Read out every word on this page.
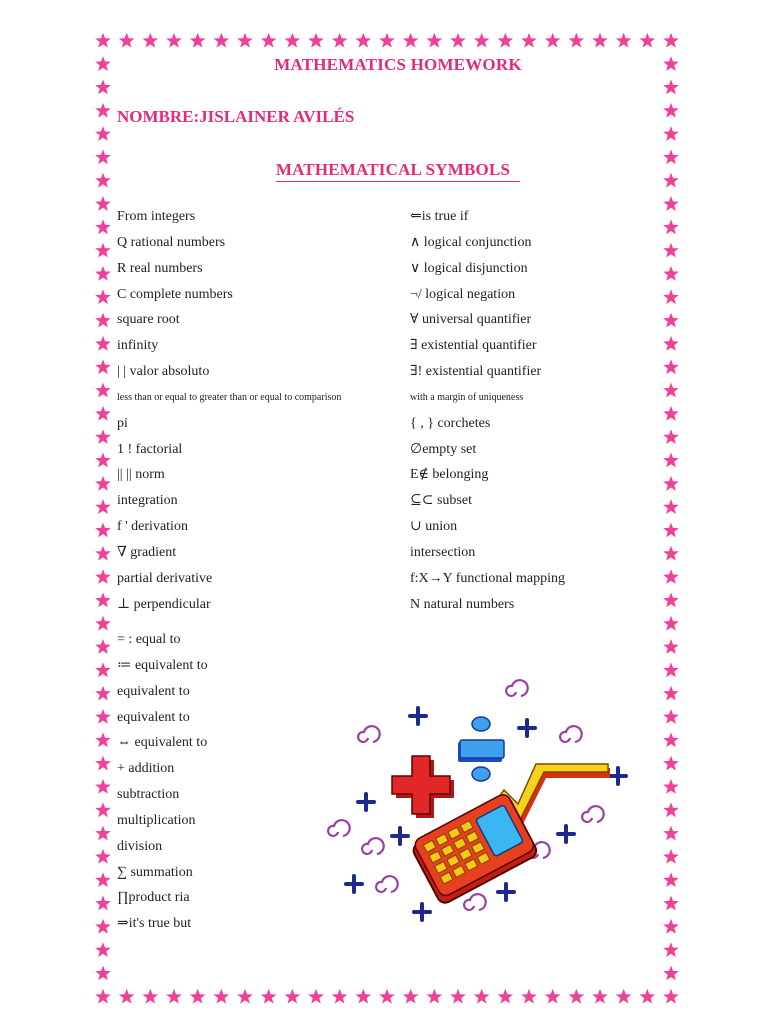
MATHEMATICS HOMEWORK
NOMBRE:JISLAINER AVILÉS
MATHEMATICAL SYMBOLS
From integers
Q rational numbers
R real numbers
C complete numbers
square root
infinity
| | valor absoluto
less than or equal to greater than or equal to comparison
pi
1 ! factorial
|| || norm
integration
f ' derivation
∇ gradient
partial derivative
⊥ perpendicular
⇐is true if
∧ logical conjunction
∨ logical disjunction
¬/ logical negation
∀ universal quantifier
∃ existential quantifier
∃! existential quantifier
with a margin of uniqueness
{ , } corchetes
∅empty set
E∉ belonging
⊆⊂ subset
∪ union
intersection
f:X→Y functional mapping
N natural numbers
= : equal to
≔ equivalent to
equivalent to
equivalent to
⇔ equivalent to
+ addition
subtraction
multiplication
division
∑ summation
∏product ria
⇒it's true but
